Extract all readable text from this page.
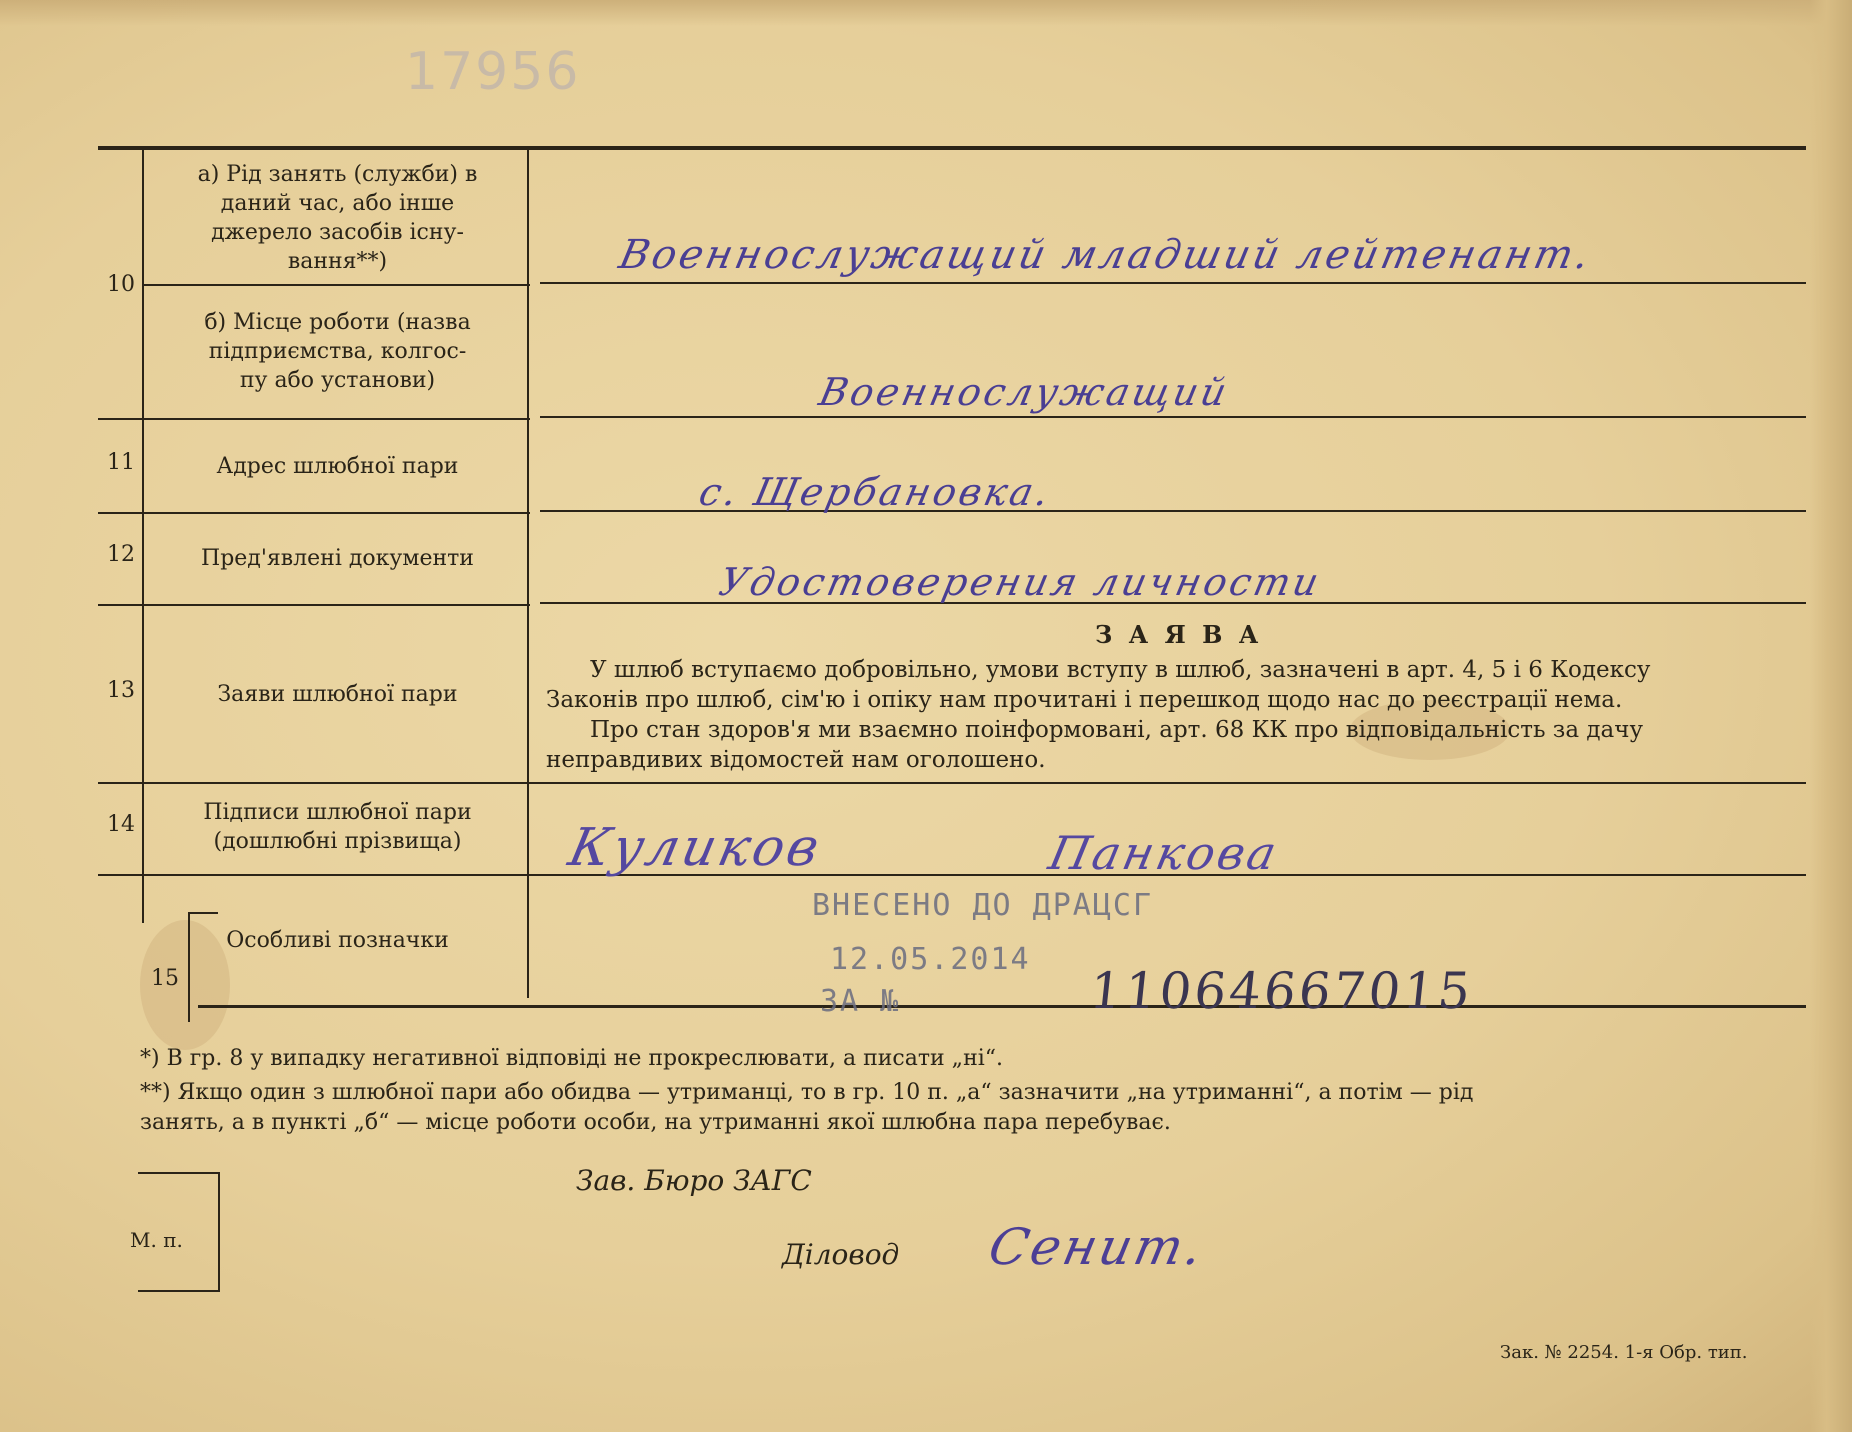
17956
10
11
12
13
14
15
а) Рід занять (служби) в
даний час, або інше
джерело засобів існу-
вання**)
б) Місце роботи (назва
підприємства, колгос-
пу або установи)
Адрес шлюбної пари
Пред'явлені документи
Заяви шлюбної пари
Підписи шлюбної пари
(дошлюбні прізвища)
Особливі позначки
Военнослужащий младший лейтенант.
Военнослужащий
с. Щербановка.
Удостоверения личности
З А Я В А
У шлюб вступаємо добровільно, умови вступу в шлюб, зазначені в арт. 4, 5 і 6 Кодексу
Законів про шлюб, сім'ю і опіку нам прочитані і перешкод щодо нас до реєстрації нема.
Про стан здоров'я ми взаємно поінформовані, арт. 68 КК про відповідальність за дачу
неправдивих відомостей нам оголошено.
Куликов	Панкова
ВНЕСЕНО ДО ДРАЦСГ
12.05.2014
ЗА №	11064667015
*) В гр. 8 у випадку негативної відповіді не прокреслювати, а писати „ні“.
**) Якщо один з шлюбної пари або обидва — утриманці, то в гр. 10 п. „а“ зазначити „на утриманні“, а потім — рід
занять, а в пункті „б“ — місце роботи особи, на утриманні якої шлюбна пара перебуває.
М. п.
Зав. Бюро ЗАГС
Діловод Сенит.
Зак. № 2254. 1-я Обр. тип.
